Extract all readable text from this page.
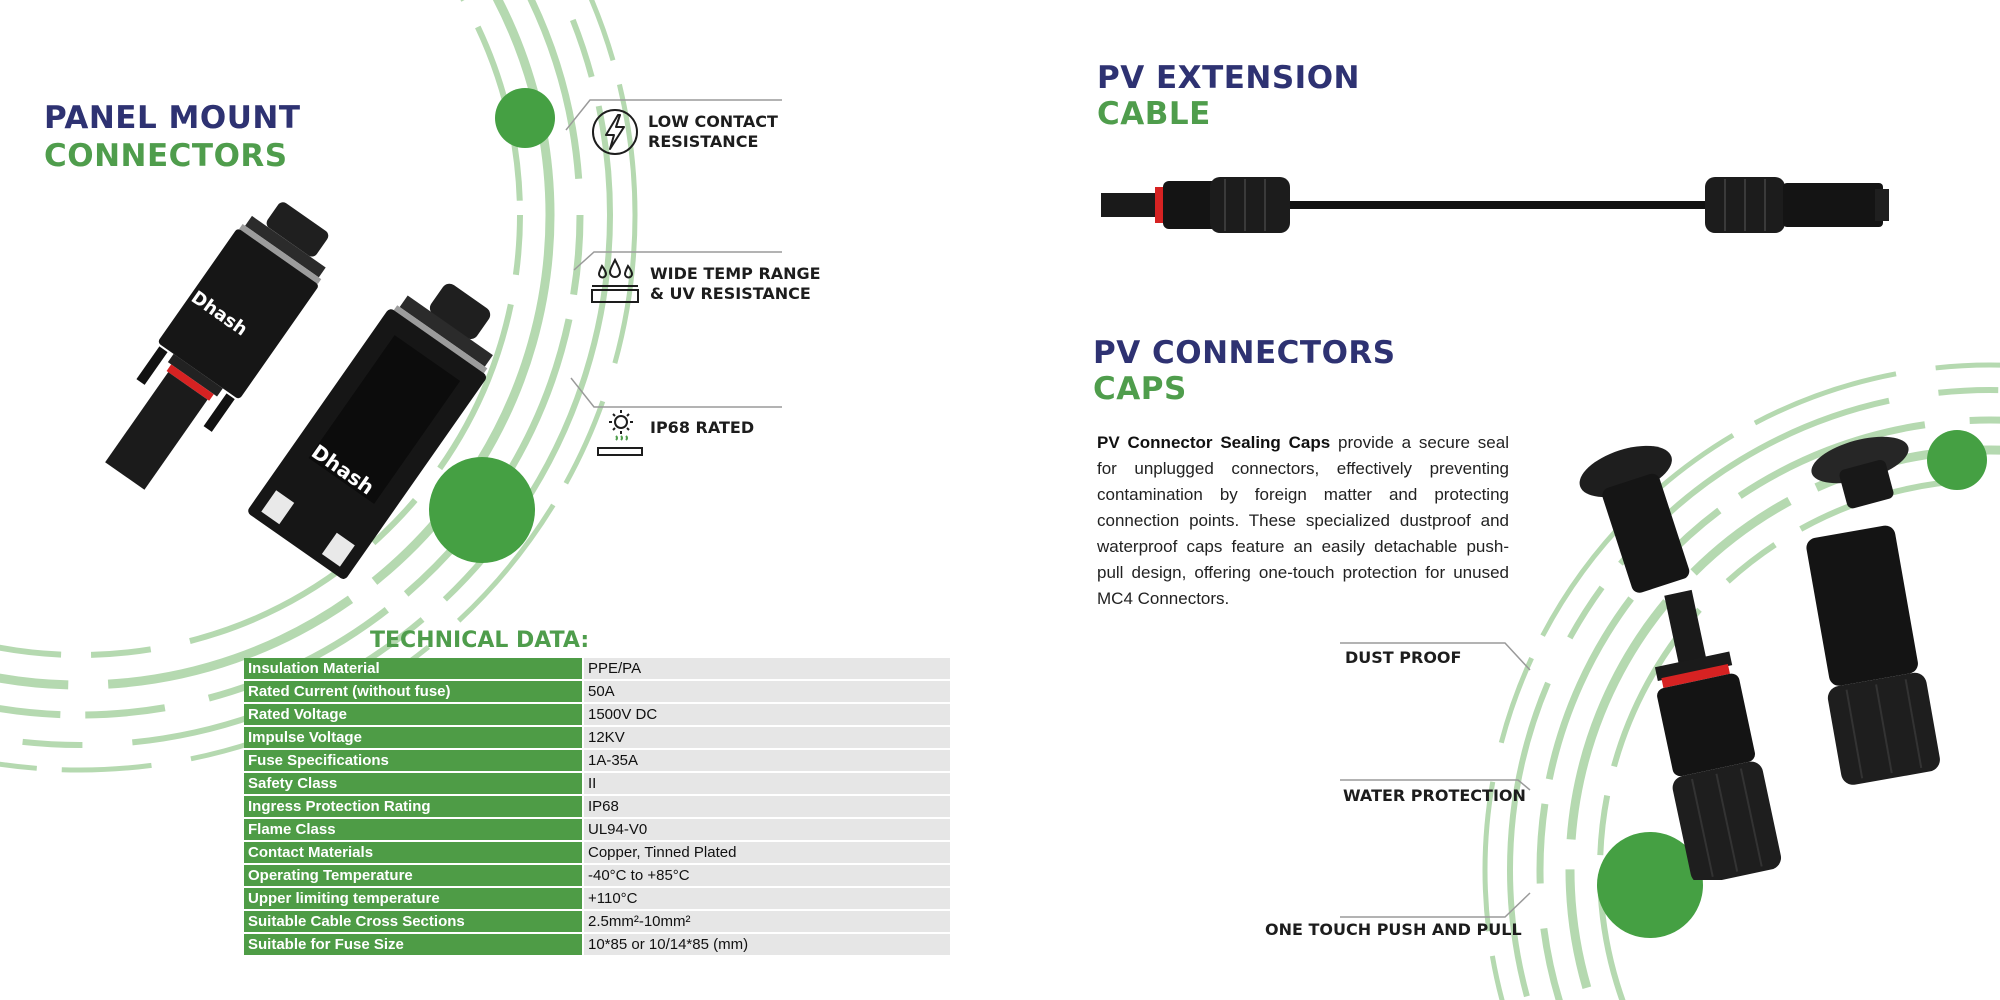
PANEL MOUNT
CONNECTORS
Dhash
Dhash
LOW CONTACT
RESISTANCE
WIDE TEMP RANGE
& UV RESISTANCE
IP68 RATED
TECHNICAL DATA:
Insulation Material	PPE/PA
Rated Current (without fuse)	50A
Rated Voltage	1500V DC
Impulse Voltage	12KV
Fuse Specifications	1A-35A
Safety Class	II
Ingress Protection Rating	IP68
Flame Class	UL94-V0
Contact Materials	Copper, Tinned Plated
Operating Temperature	-40°C to +85°C
Upper limiting temperature	+110°C
Suitable Cable Cross Sections	2.5mm²-10mm²
Suitable for Fuse Size	10*85 or 10/14*85 (mm)
PV EXTENSION
CABLE
PV CONNECTORS
CAPS
PV Connector Sealing Caps provide a secure seal for unplugged connectors, effectively preventing contamination by foreign matter and protecting connection points. These specialized dustproof and waterproof caps feature an easily detachable push-pull design, offering one-touch protection for unused MC4 Connectors.
DUST PROOF
WATER PROTECTION
ONE TOUCH PUSH AND PULL
